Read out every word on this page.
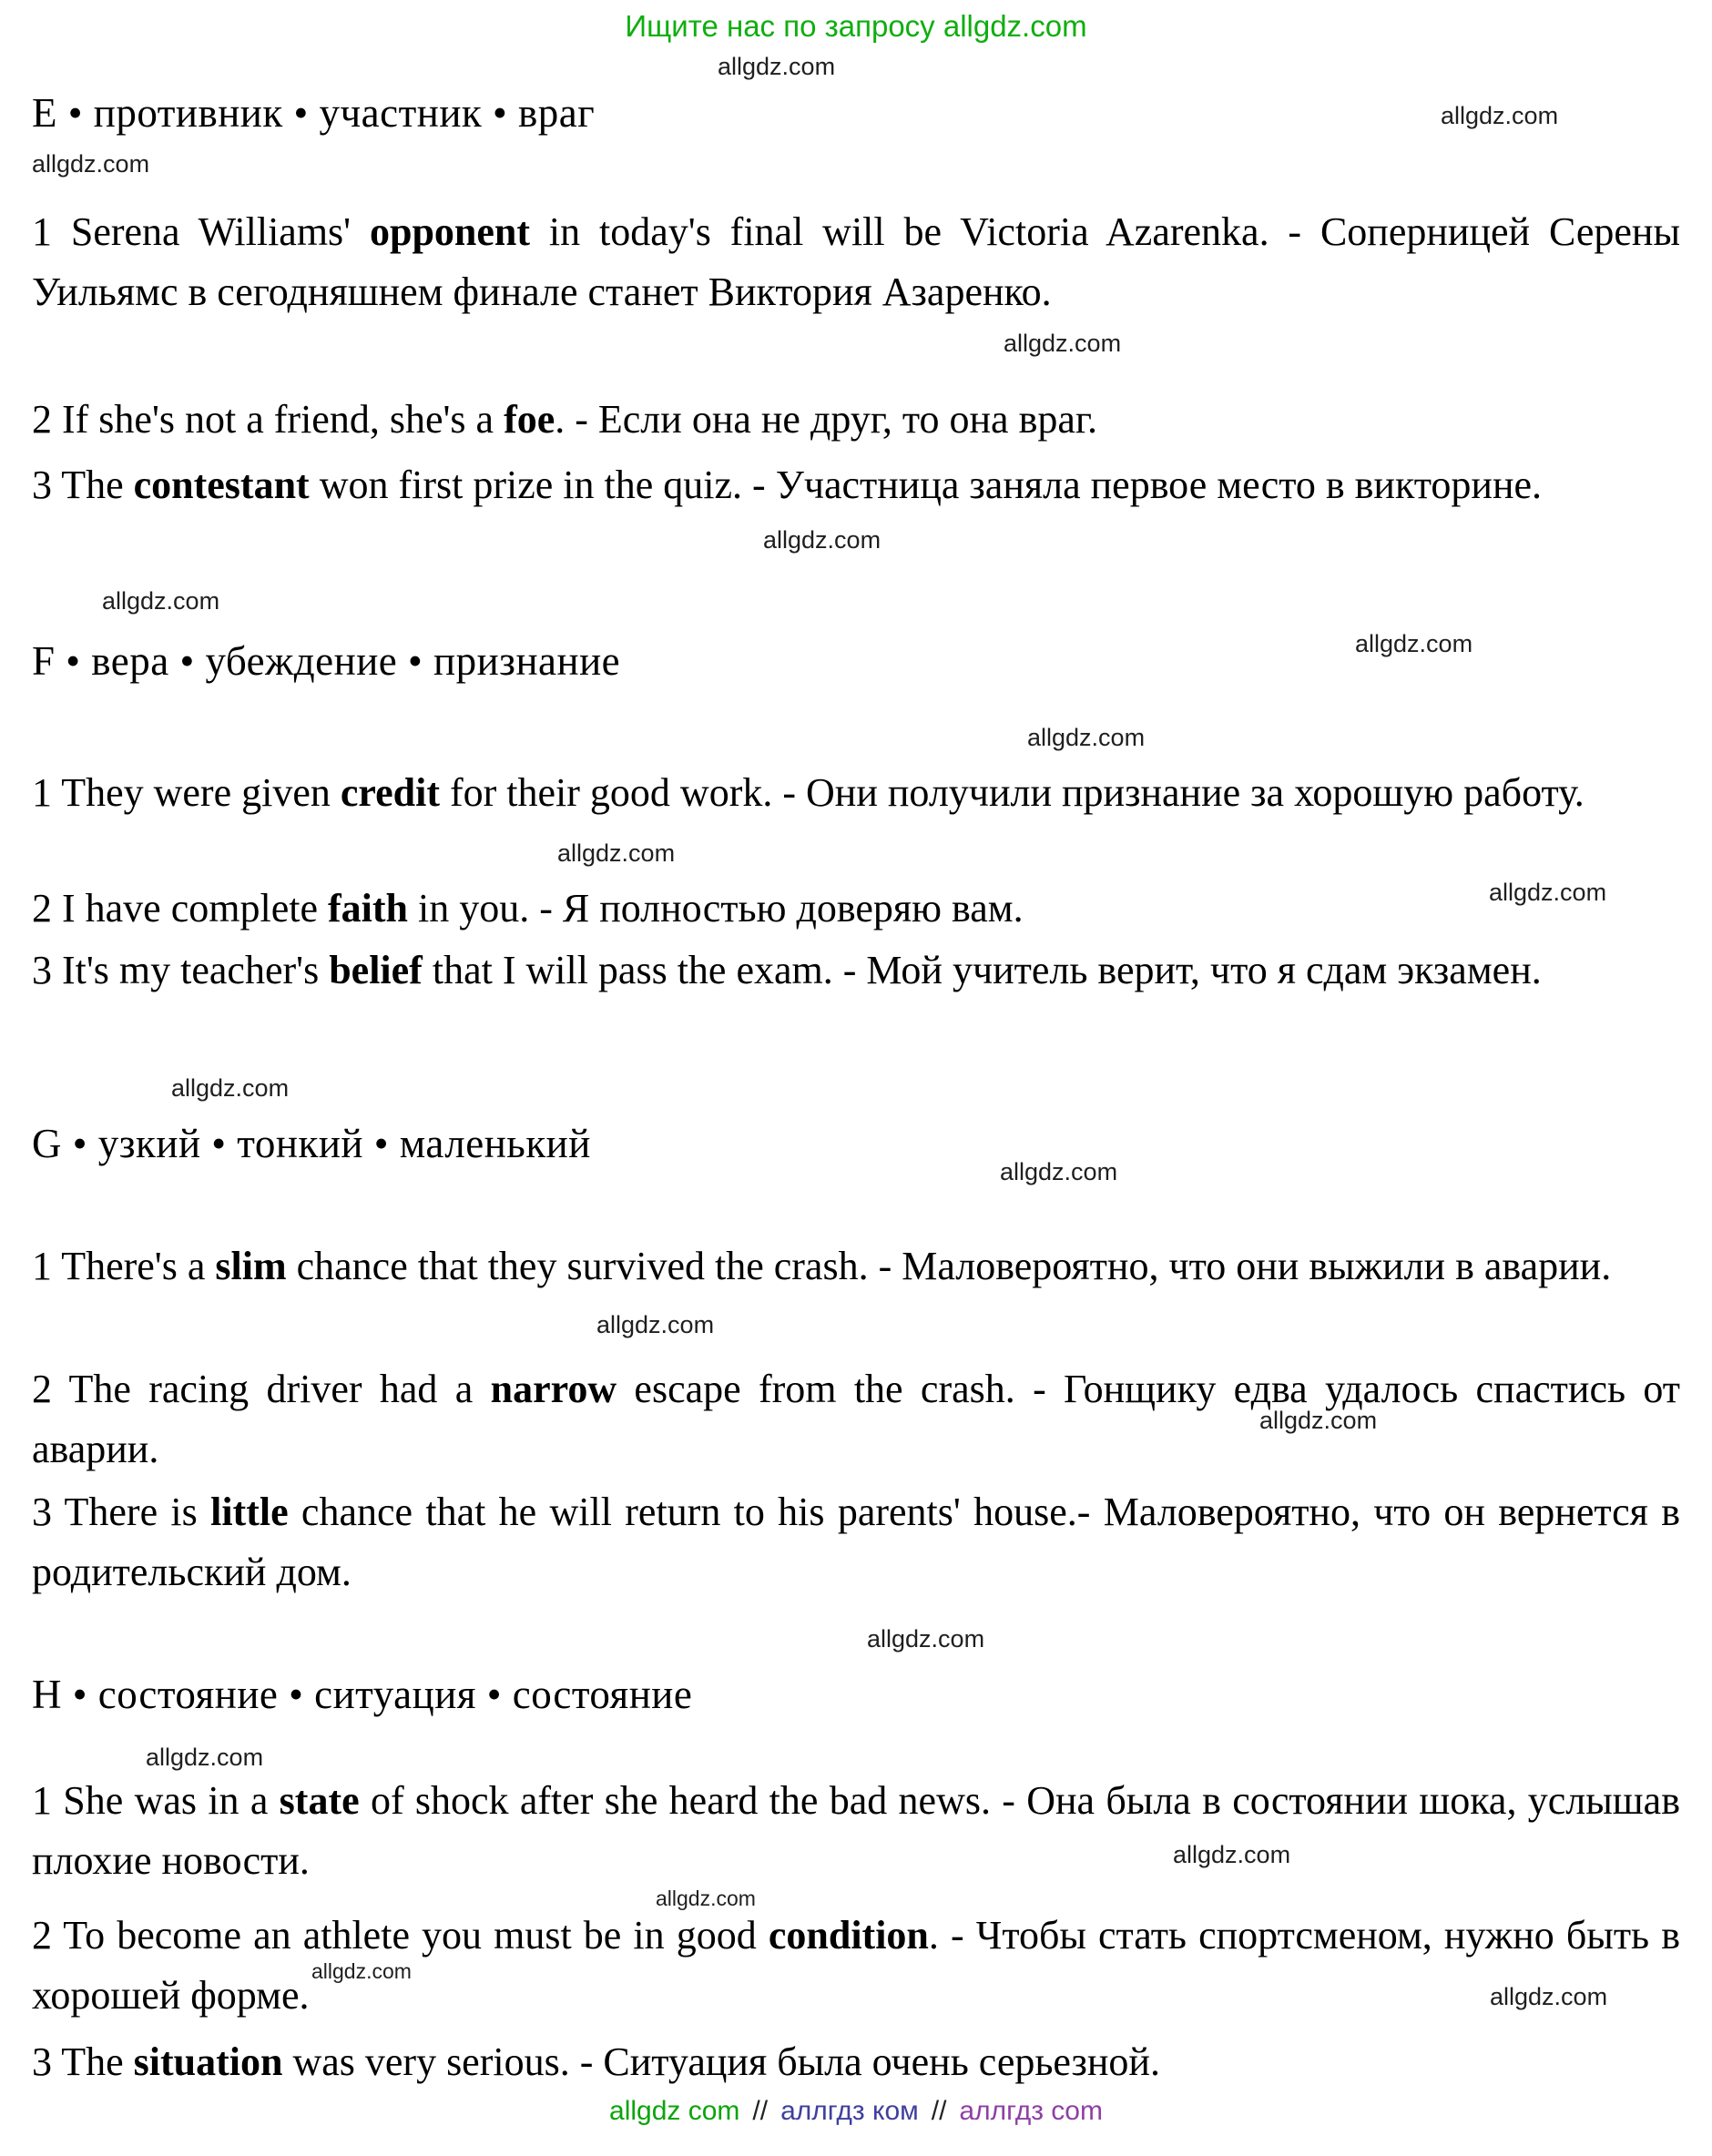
Ищите нас по запросу allgdz.com
allgdz.com
allgdz.com
allgdz.com
allgdz.com
allgdz.com
allgdz.com
allgdz.com
allgdz.com
allgdz.com
allgdz.com
allgdz.com
allgdz.com
allgdz.com
allgdz.com
allgdz.com
allgdz.com
allgdz.com
allgdz.com
allgdz.com
allgdz.com
E • противник • участник • враг

1 Serena Williams' opponent in today's final will be Victoria Azarenka. - Соперницей Серены Уильямс в сегодняшнем финале станет Виктория Азаренко.

2 If she's not a friend, she's a foe. - Если она не друг, то она враг.

3 The contestant won first prize in the quiz. - Участница заняла первое место в викторине.

F • вера • убеждение • признание

1 They were given credit for their good work. - Они получили признание за хорошую работу.

2 I have complete faith in you. - Я полностью доверяю вам.

3 It's my teacher's belief that I will pass the exam. - Мой учитель верит, что я сдам экзамен.

G • узкий • тонкий • маленький

1 There's a slim chance that they survived the crash. - Маловероятно, что они выжили в аварии.

2 The racing driver had a narrow escape from the crash. - Гонщику едва удалось спастись от аварии.

3 There is little chance that he will return to his parents' house.- Маловероятно, что он вернется в родительский дом.

H • состояние • ситуация • состояние

1 She was in a state of shock after she heard the bad news. - Она была в состоянии шока, услышав плохие новости.

2 To become an athlete you must be in good condition. - Чтобы стать спортсменом, нужно быть в хорошей форме.

3 The situation was very serious. - Ситуация была очень серьезной.

allgdz com // аллгдз ком // аллгдз com
